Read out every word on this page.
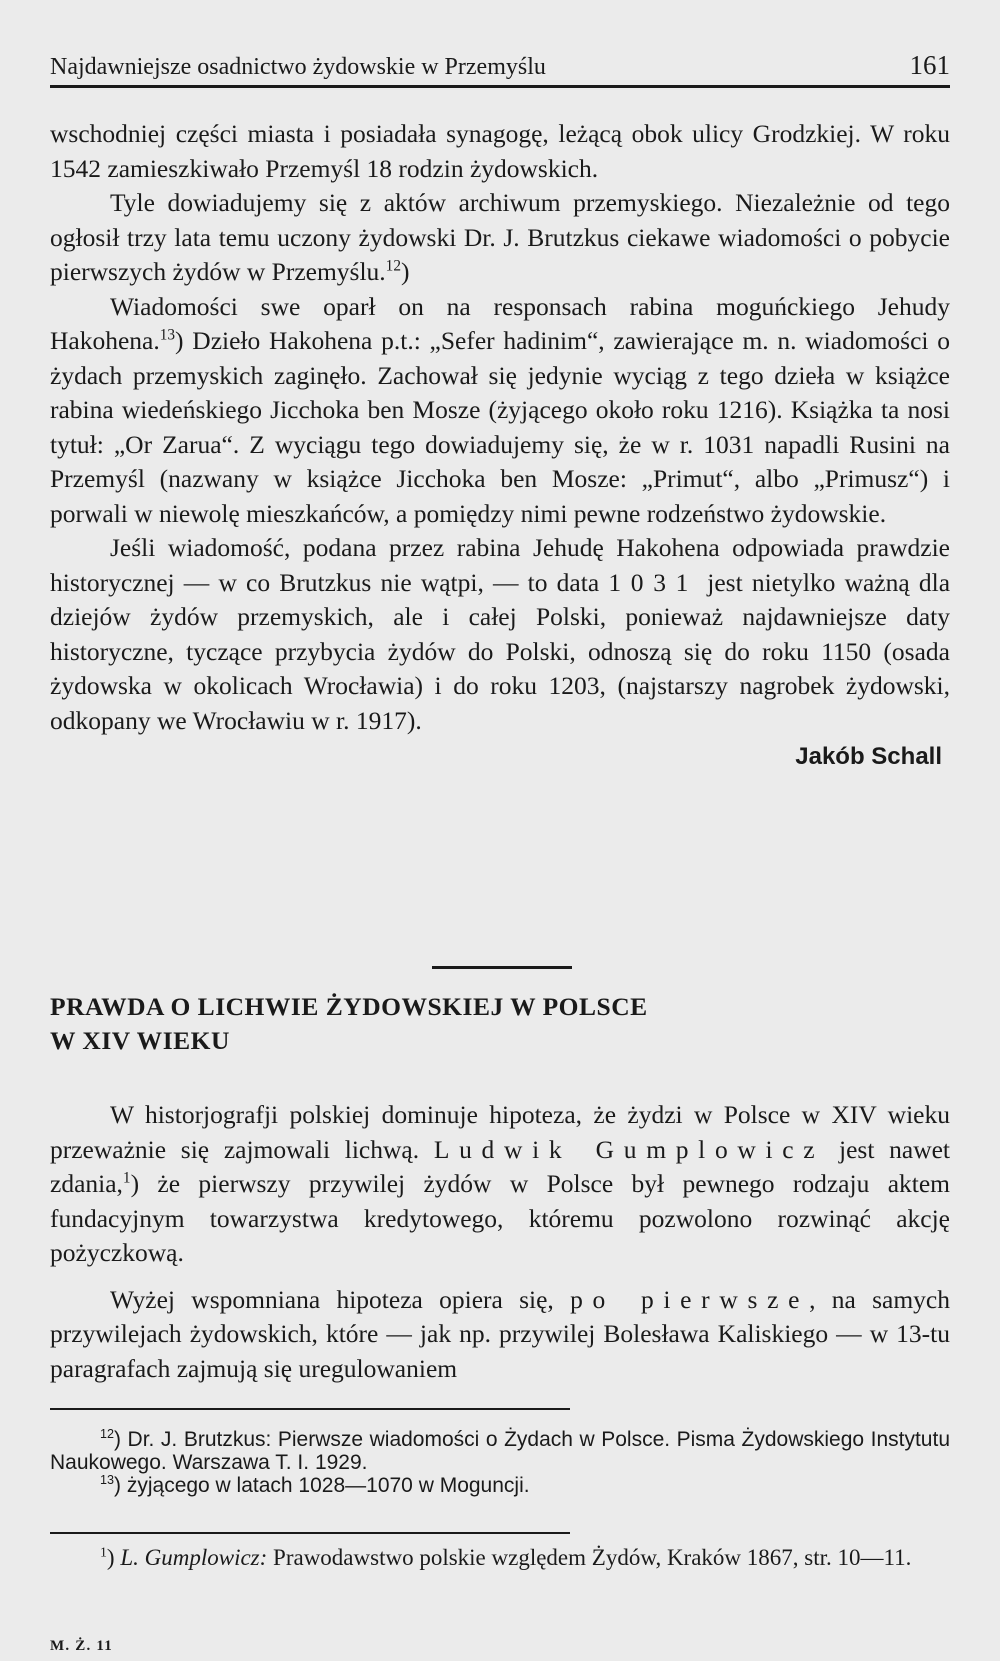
Najdawniejsze osadnictwo żydowskie w Przemyślu	161

wschodniej części miasta i posiadała synagogę, leżącą obok ulicy Grodzkiej. W roku 1542 zamieszkiwało Przemyśl 18 rodzin żydowskich.

Tyle dowiadujemy się z aktów archiwum przemyskiego. Niezależnie od tego ogłosił trzy lata temu uczony żydowski Dr. J. Brutzkus ciekawe wiadomości o pobycie pierwszych żydów w Przemyślu.$^{12}$)

Wiadomości swe oparł on na responsach rabina moguńckiego Jehudy Hakohena.$^{13}$) Dzieło Hakohena p.t.: „Sefer hadinim“, zawierające m. n. wiadomości o żydach przemyskich zaginęło. Zachował się jedynie wyciąg z tego dzieła w książce rabina wiedeńskiego Jicchoka ben Mosze (żyjącego około roku 1216). Książka ta nosi tytuł: „Or Zarua“. Z wyciągu tego dowiadujemy się, że w r. 1031 napadli Rusini na Przemyśl (nazwany w książce Jicchoka ben Mosze: „Primut“, albo „Primusz“) i porwali w niewolę mieszkańców, a pomiędzy nimi pewne rodzeństwo żydowskie.

Jeśli wiadomość, podana przez rabina Jehudę Hakohena odpowiada prawdzie historycznej — w co Brutzkus nie wątpi, — to data 1031 jest nietylko ważną dla dziejów żydów przemyskich, ale i całej Polski, ponieważ najdawniejsze daty historyczne, tyczące przybycia żydów do Polski, odnoszą się do roku 1150 (osada żydowska w okolicach Wrocławia) i do roku 1203, (najstarszy nagrobek żydowski, odkopany we Wrocławiu w r. 1917).

Jakób Schall
PRAWDA O LICHWIE ŻYDOWSKIEJ W POLSCE
W XIV WIEKU

W historjografji polskiej dominuje hipoteza, że żydzi w Polsce w XIV wieku przeważnie się zajmowali lichwą. Ludwik Gumplowicz jest nawet zdania,$^1$) że pierwszy przywilej żydów w Polsce był pewnego rodzaju aktem fundacyjnym towarzystwa kredytowego, któremu pozwolono rozwinąć akcję pożyczkową.

Wyżej wspomniana hipoteza opiera się, po pierwsze, na samych przywilejach żydowskich, które — jak np. przywilej Bolesława Kaliskiego — w 13-tu paragrafach zajmują się uregulowaniem

$^{12}$) Dr. J. Brutzkus: Pierwsze wiadomości o Żydach w Polsce. Pisma Żydowskiego Instytutu Naukowego. Warszawa T. I. 1929.

$^{13}$) żyjącego w latach 1028—1070 w Moguncji.

$^1$) L. Gumplowicz: Prawodawstwo polskie względem Żydów, Kraków 1867, str. 10—11.

M. Ż. 11
